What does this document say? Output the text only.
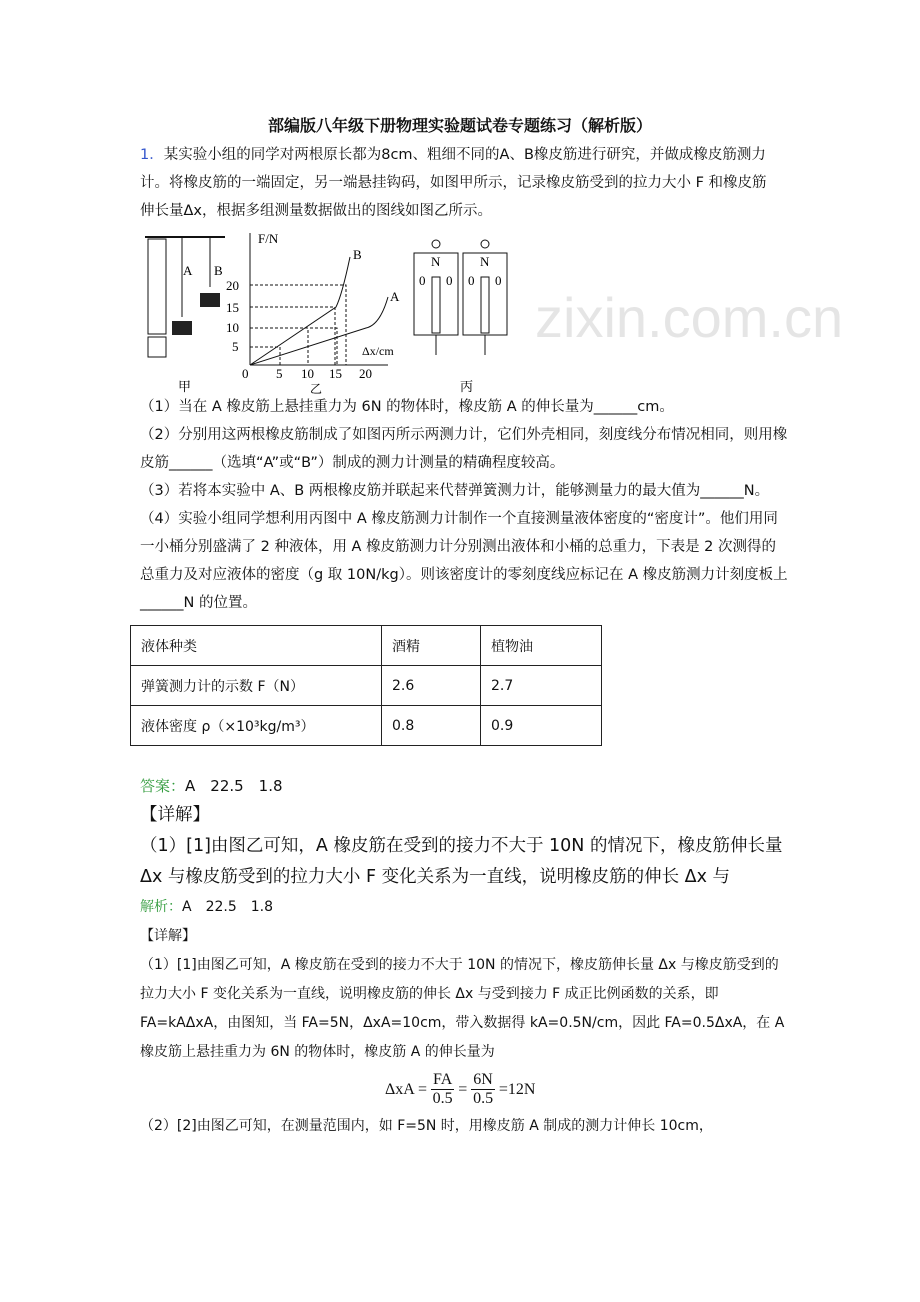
zixin.com.cn
部编版八年级下册物理实验题试卷专题练习（解析版）
1．某实验小组的同学对两根原长都为8cm、粗细不同的A、B橡皮筋进行研究，并做成橡皮筋测力计。将橡皮筋的一端固定，另一端悬挂钩码，如图甲所示，记录橡皮筋受到的拉力大小 F 和橡皮筋伸长量Δx，根据多组测量数据做出的图线如图乙所示。
A B
甲
F/N
Δx/cm
0
B
A
5
10
15
20
5 10 15 20
乙
N	N
0 0 0 0
丙
（1）当在 A 橡皮筋上悬挂重力为 6N 的物体时，橡皮筋 A 的伸长量为______cm。
（2）分别用这两根橡皮筋制成了如图丙所示两测力计，它们外壳相同，刻度线分布情况相同，则用橡皮筋______（选填“A”或“B”）制成的测力计测量的精确程度较高。
（3）若将本实验中 A、B 两根橡皮筋并联起来代替弹簧测力计，能够测量力的最大值为______N。
（4）实验小组同学想利用丙图中 A 橡皮筋测力计制作一个直接测量液体密度的“密度计”。他们用同一小桶分别盛满了 2 种液体，用 A 橡皮筋测力计分别测出液体和小桶的总重力，下表是 2 次测得的总重力及对应液体的密度（g 取 10N/kg）。则该密度计的零刻度线应标记在 A 橡皮筋测力计刻度板上______N 的位置。
液体种类	酒精	植物油
弹簧测力计的示数 F（N）	2.6	2.7
液体密度 ρ（×10³kg/m³）	0.8	0.9
答案：A　22.5　1.8
【详解】
（1）[1]由图乙可知，A 橡皮筋在受到的接力不大于 10N 的情况下，橡皮筋伸长量 Δx 与橡皮筋受到的拉力大小 F 变化关系为一直线，说明橡皮筋的伸长 Δx 与
解析：A　22.5　1.8
【详解】
（1）[1]由图乙可知，A 橡皮筋在受到的接力不大于 10N 的情况下，橡皮筋伸长量 Δx 与橡皮筋受到的拉力大小 F 变化关系为一直线，说明橡皮筋的伸长 Δx 与受到接力 F 成正比例函数的关系，即 FA=kAΔxA，由图知，当 FA=5N，ΔxA=10cm，带入数据得 kA=0.5N/cm，因此 FA=0.5ΔxA，在 A 橡皮筋上悬挂重力为 6N 的物体时，橡皮筋 A 的伸长量为
$\Delta xA = \frac{FA}{0.5} = \frac{6N}{0.5} =12N$
（2）[2]由图乙可知，在测量范围内，如 F=5N 时，用橡皮筋 A 制成的测力计伸长 10cm，
